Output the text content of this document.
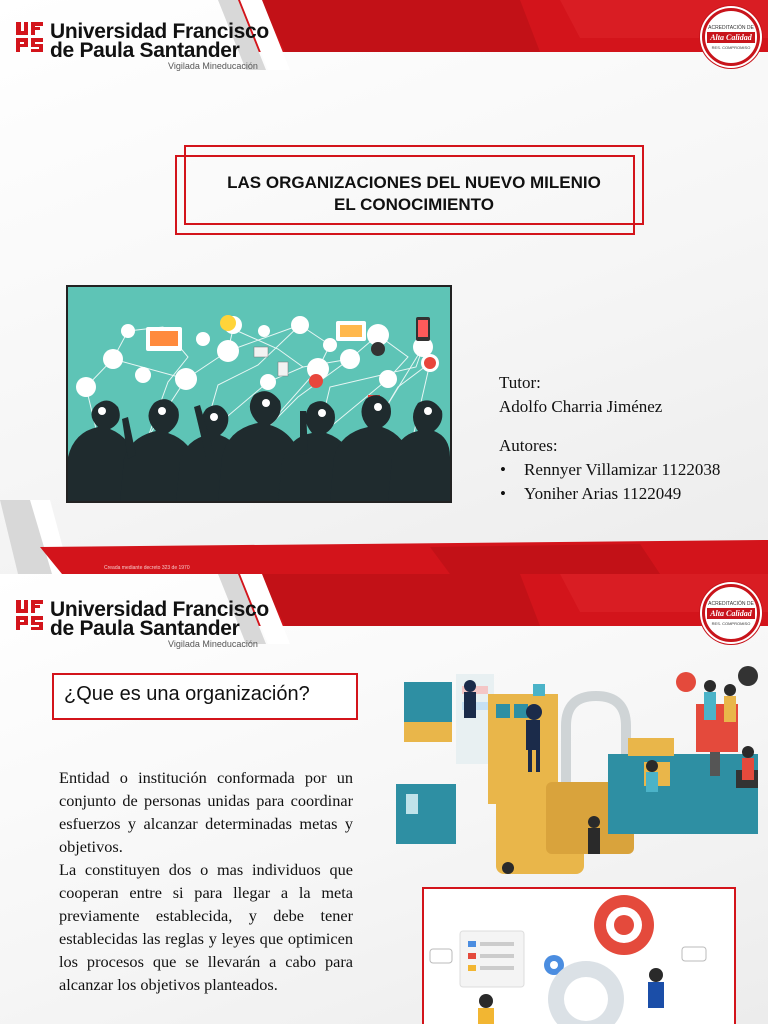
Universidad Francisco
de Paula Santander
Vigilada Mineducación
ACREDITACIÓN DE
Alta Calidad
RES. COMPROMISO
LAS ORGANIZACIONES DEL NUEVO MILENIO
EL CONOCIMIENTO
Tutor:
Adolfo Charria Jiménez
Autores:
• Rennyer Villamizar 1122038
• Yoniher Arias 1122049
Creada mediante decreto 323 de 1970
Universidad Francisco
de Paula Santander
Vigilada Mineducación
ACREDITACIÓN DE
Alta Calidad
RES. COMPROMISO
¿Que es una organización?

Entidad o institución conformada por un conjunto de personas unidas para coordinar esfuerzos y alcanzar determinadas metas y objetivos.

La constituyen dos o mas individuos que cooperan entre si para llegar a la meta previamente establecida, y debe tener establecidas las reglas y leyes que optimicen los procesos que se llevarán a cabo para alcanzar los objetivos planteados.
